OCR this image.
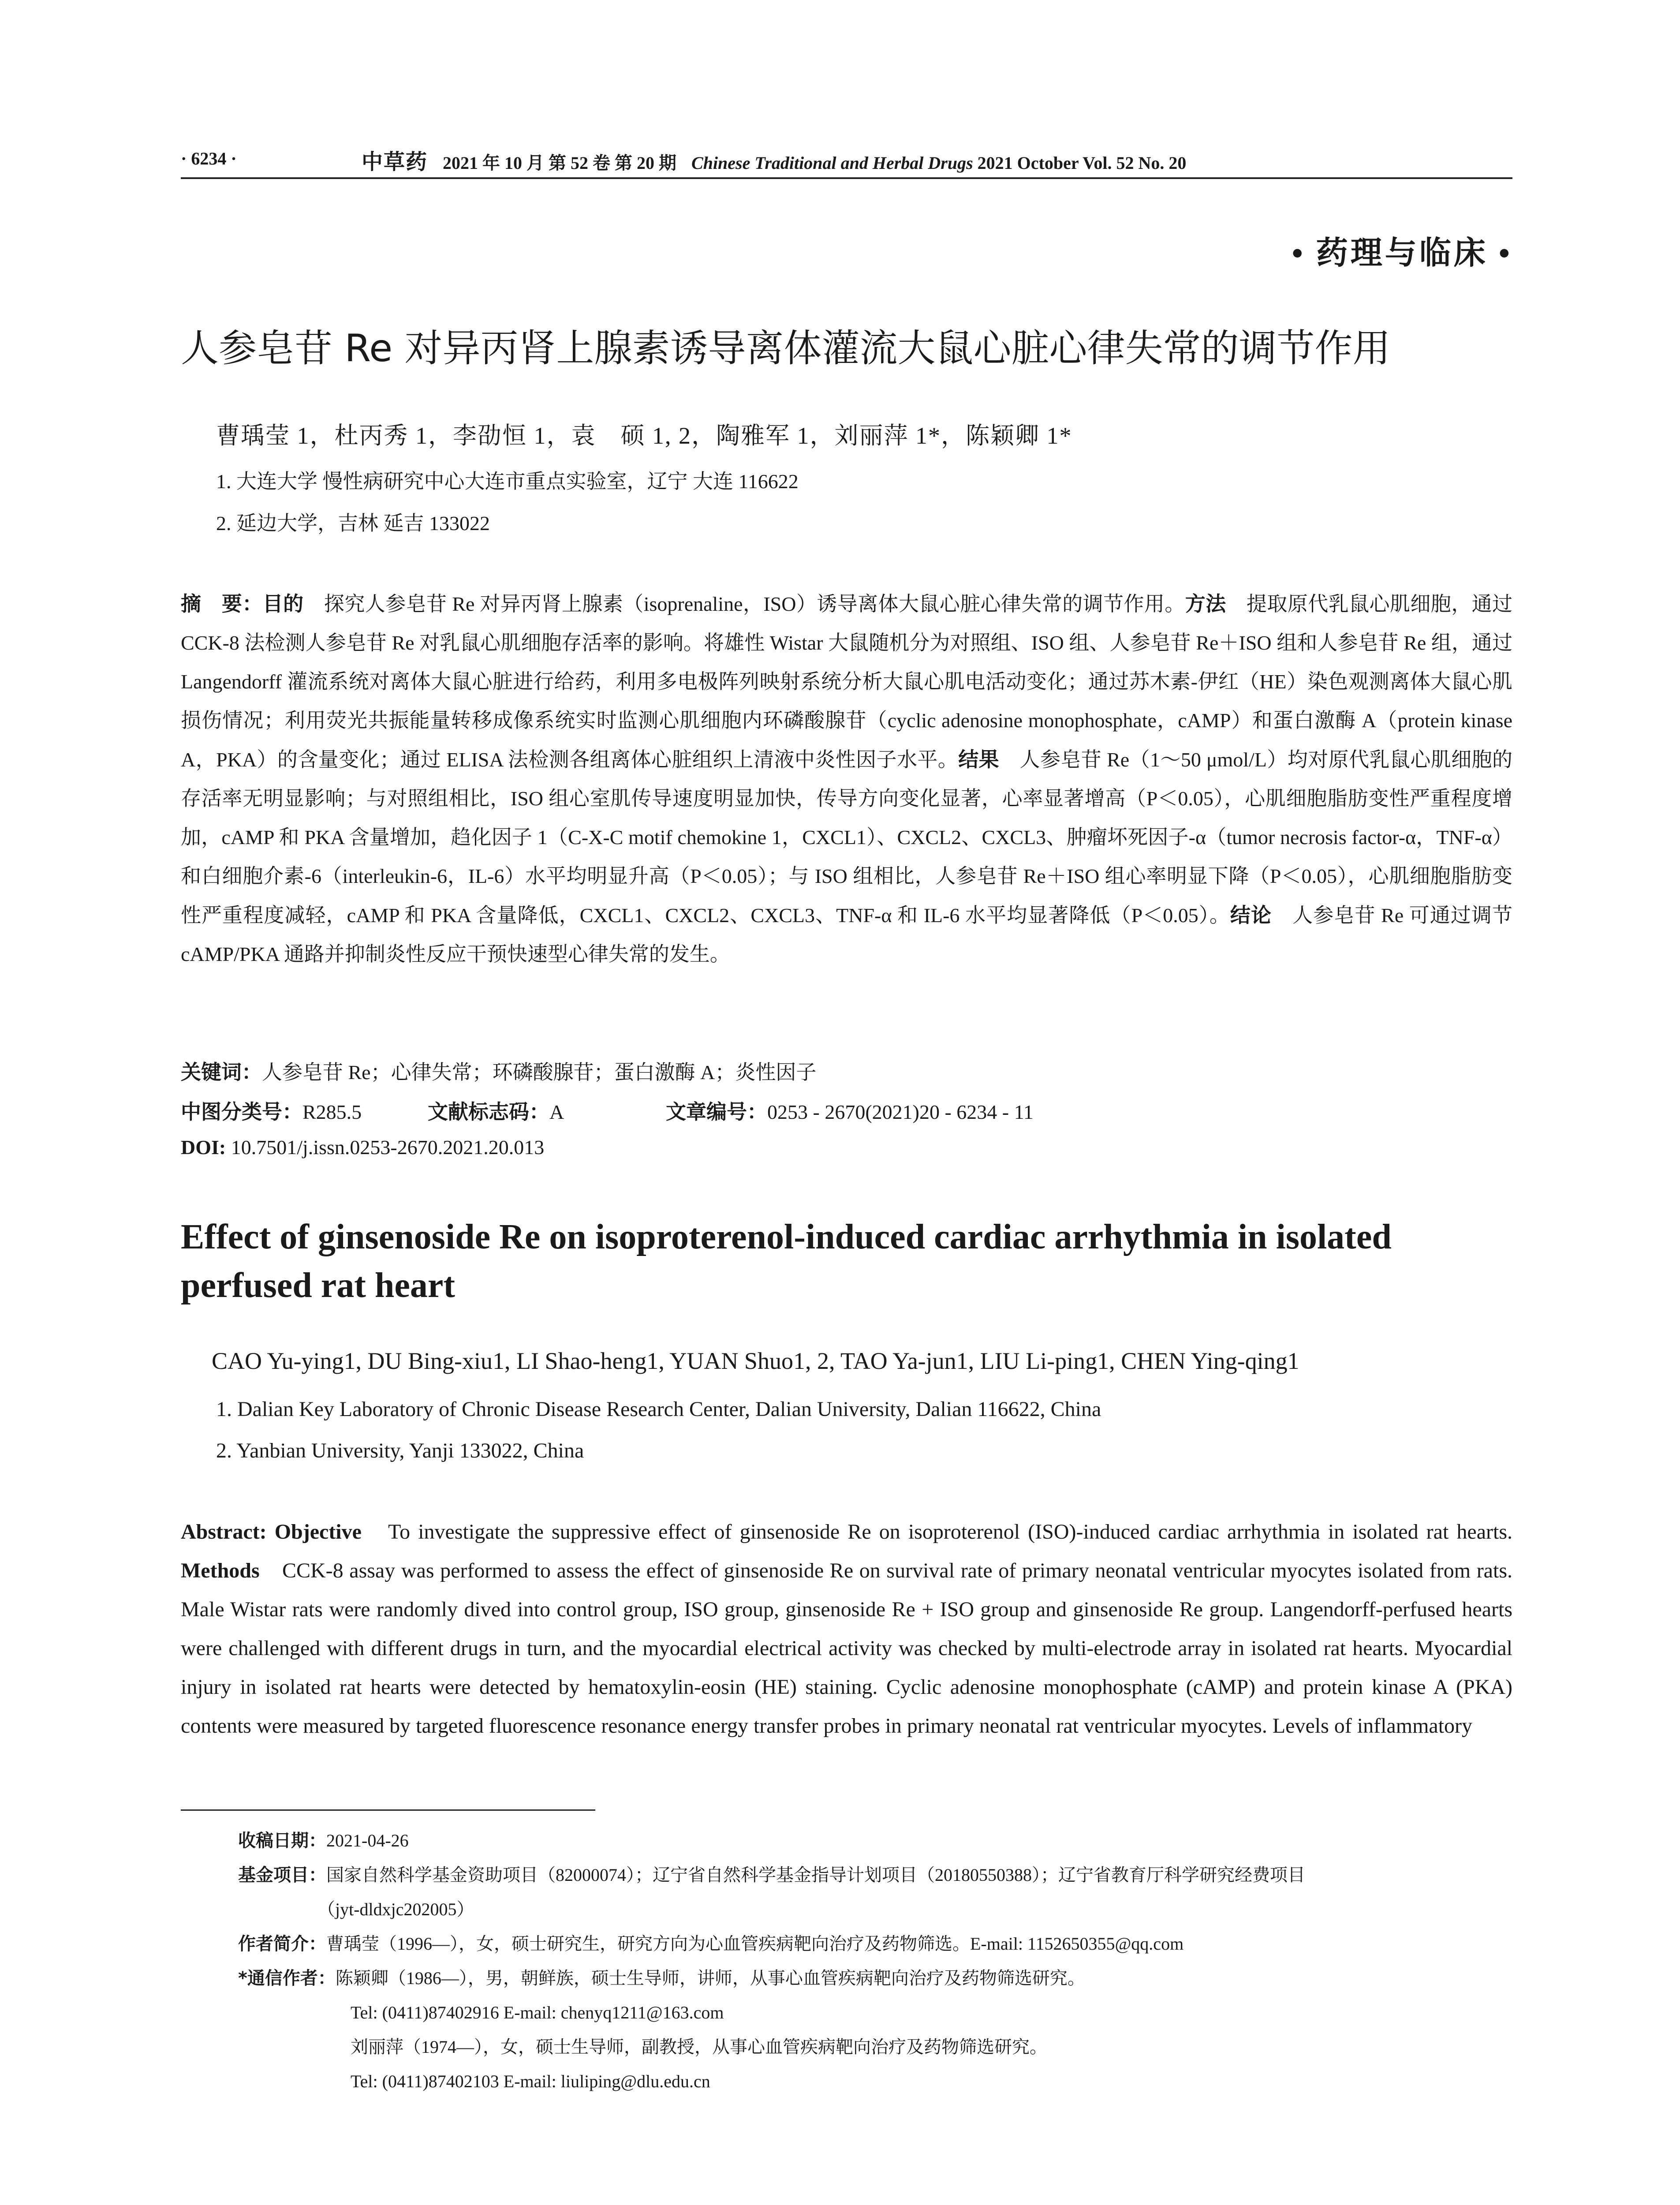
· 6234 ·	中草药 2021 年 10 月 第 52 卷 第 20 期 Chinese Traditional and Herbal Drugs 2021 October Vol. 52 No. 20
• 药理与临床 •
人参皂苷 Re 对异丙肾上腺素诱导离体灌流大鼠心脏心律失常的调节作用
曹瑀莹 1，杜丙秀 1，李劭恒 1，袁　硕 1, 2，陶雅军 1，刘丽萍 1*，陈颖卿 1*
1. 大连大学 慢性病研究中心大连市重点实验室，辽宁 大连 116622
2. 延边大学，吉林 延吉 133022
摘　要：目的　探究人参皂苷 Re 对异丙肾上腺素（isoprenaline，ISO）诱导离体大鼠心脏心律失常的调节作用。方法　提取原代乳鼠心肌细胞，通过 CCK-8 法检测人参皂苷 Re 对乳鼠心肌细胞存活率的影响。将雄性 Wistar 大鼠随机分为对照组、ISO 组、人参皂苷 Re＋ISO 组和人参皂苷 Re 组，通过 Langendorff 灌流系统对离体大鼠心脏进行给药，利用多电极阵列映射系统分析大鼠心肌电活动变化；通过苏木素-伊红（HE）染色观测离体大鼠心肌损伤情况；利用荧光共振能量转移成像系统实时监测心肌细胞内环磷酸腺苷（cyclic adenosine monophosphate，cAMP）和蛋白激酶 A（protein kinase A，PKA）的含量变化；通过 ELISA 法检测各组离体心脏组织上清液中炎性因子水平。结果　人参皂苷 Re（1～50 μmol/L）均对原代乳鼠心肌细胞的存活率无明显影响；与对照组相比，ISO 组心室肌传导速度明显加快，传导方向变化显著，心率显著增高（P＜0.05），心肌细胞脂肪变性严重程度增加，cAMP 和 PKA 含量增加，趋化因子 1（C-X-C motif chemokine 1，CXCL1）、CXCL2、CXCL3、肿瘤坏死因子-α（tumor necrosis factor-α，TNF-α）和白细胞介素-6（interleukin-6，IL-6）水平均明显升高（P＜0.05）；与 ISO 组相比，人参皂苷 Re＋ISO 组心率明显下降（P＜0.05），心肌细胞脂肪变性严重程度减轻，cAMP 和 PKA 含量降低，CXCL1、CXCL2、CXCL3、TNF-α 和 IL-6 水平均显著降低（P＜0.05）。结论　人参皂苷 Re 可通过调节 cAMP/PKA 通路并抑制炎性反应干预快速型心律失常的发生。
关键词：人参皂苷 Re；心律失常；环磷酸腺苷；蛋白激酶 A；炎性因子
中图分类号：R285.5	文献标志码：A	文章编号：0253 - 2670(2021)20 - 6234 - 11
DOI: 10.7501/j.issn.0253-2670.2021.20.013
Effect of ginsenoside Re on isoproterenol-induced cardiac arrhythmia in isolated perfused rat heart
CAO Yu-ying1, DU Bing-xiu1, LI Shao-heng1, YUAN Shuo1, 2, TAO Ya-jun1, LIU Li-ping1, CHEN Ying-qing1
1. Dalian Key Laboratory of Chronic Disease Research Center, Dalian University, Dalian 116622, China
2. Yanbian University, Yanji 133022, China
Abstract: Objective　To investigate the suppressive effect of ginsenoside Re on isoproterenol (ISO)-induced cardiac arrhythmia in isolated rat hearts. Methods　CCK-8 assay was performed to assess the effect of ginsenoside Re on survival rate of primary neonatal ventricular myocytes isolated from rats. Male Wistar rats were randomly dived into control group, ISO group, ginsenoside Re + ISO group and ginsenoside Re group. Langendorff-perfused hearts were challenged with different drugs in turn, and the myocardial electrical activity was checked by multi-electrode array in isolated rat hearts. Myocardial injury in isolated rat hearts were detected by hematoxylin-eosin (HE) staining. Cyclic adenosine monophosphate (cAMP) and protein kinase A (PKA) contents were measured by targeted fluorescence resonance energy transfer probes in primary neonatal rat ventricular myocytes. Levels of inflammatory
收稿日期：2021-04-26
基金项目：国家自然科学基金资助项目（82000074）；辽宁省自然科学基金指导计划项目（20180550388）；辽宁省教育厅科学研究经费项目
（jyt-dldxjc202005）
作者简介：曹瑀莹（1996—），女，硕士研究生，研究方向为心血管疾病靶向治疗及药物筛选。E-mail: 1152650355@qq.com
*通信作者：陈颖卿（1986—），男，朝鲜族，硕士生导师，讲师，从事心血管疾病靶向治疗及药物筛选研究。
Tel: (0411)87402916 E-mail: chenyq1211@163.com
刘丽萍（1974—），女，硕士生导师，副教授，从事心血管疾病靶向治疗及药物筛选研究。
Tel: (0411)87402103 E-mail: liuliping@dlu.edu.cn
